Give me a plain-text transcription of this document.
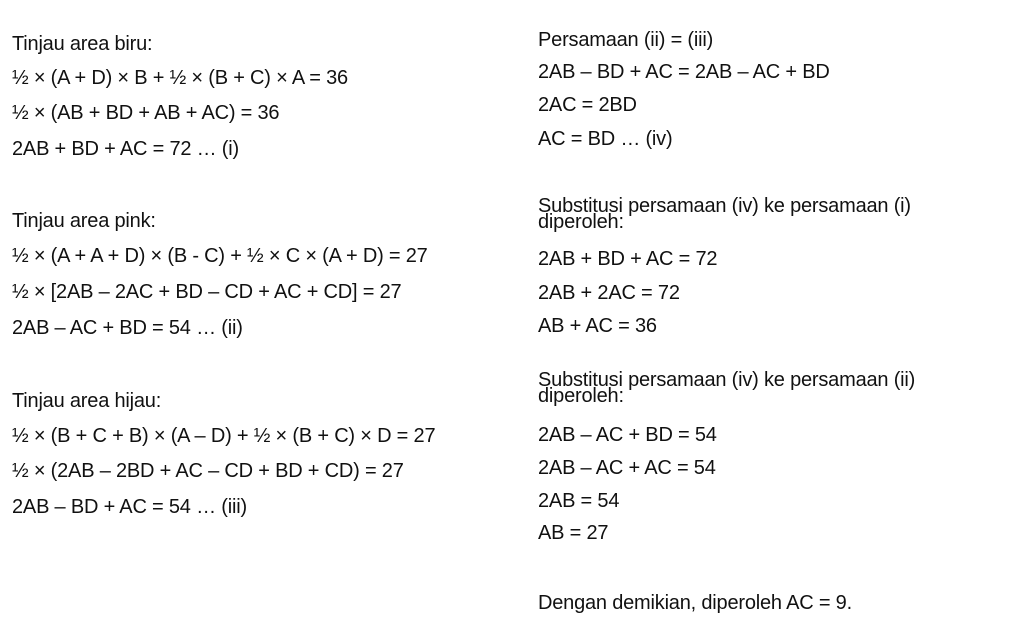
Tinjau area biru:
½ × (A + D) × B + ½ × (B + C) × A = 36
½ × (AB + BD + AB + AC) = 36
2AB + BD + AC = 72 … (i)
Tinjau area pink:
½ × (A + A + D) × (B - C) + ½ × C × (A + D) = 27
½ × [2AB – 2AC + BD – CD + AC + CD] = 27
2AB – AC + BD = 54 … (ii)
Tinjau area hijau:
½ × (B + C + B) × (A – D) + ½ × (B + C) × D = 27
½ × (2AB – 2BD + AC – CD + BD + CD) = 27
2AB – BD + AC = 54 … (iii)
Persamaan (ii) = (iii)
2AB – BD + AC = 2AB – AC + BD
2AC = 2BD
AC = BD … (iv)
Substitusi persamaan (iv) ke persamaan (i) diperoleh:
2AB + BD + AC = 72
2AB + 2AC = 72
AB + AC = 36
Substitusi persamaan (iv) ke persamaan (ii) diperoleh:
2AB – AC + BD = 54
2AB – AC + AC = 54
2AB = 54
AB = 27
Dengan demikian, diperoleh AC = 9.
